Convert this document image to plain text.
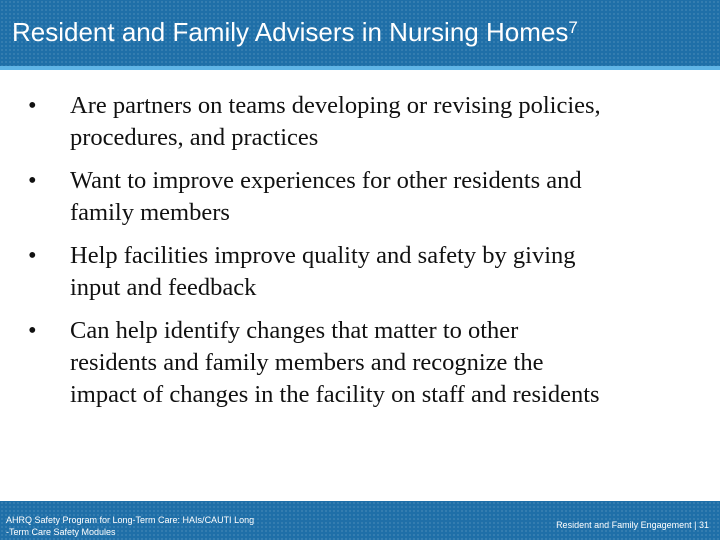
Resident and Family Advisers in Nursing Homes$^7$
• Are partners on teams developing or revising policies,
procedures, and practices
• Want to improve experiences for other residents and
family members
• Help facilities improve quality and safety by giving
input and feedback
• Can help identify changes that matter to other
residents and family members and recognize the
impact of changes in the facility on staff and residents
AHRQ Safety Program for Long-Term Care: HAIs/CAUTI Long
-Term Care Safety Modules
Resident and Family Engagement | 31
